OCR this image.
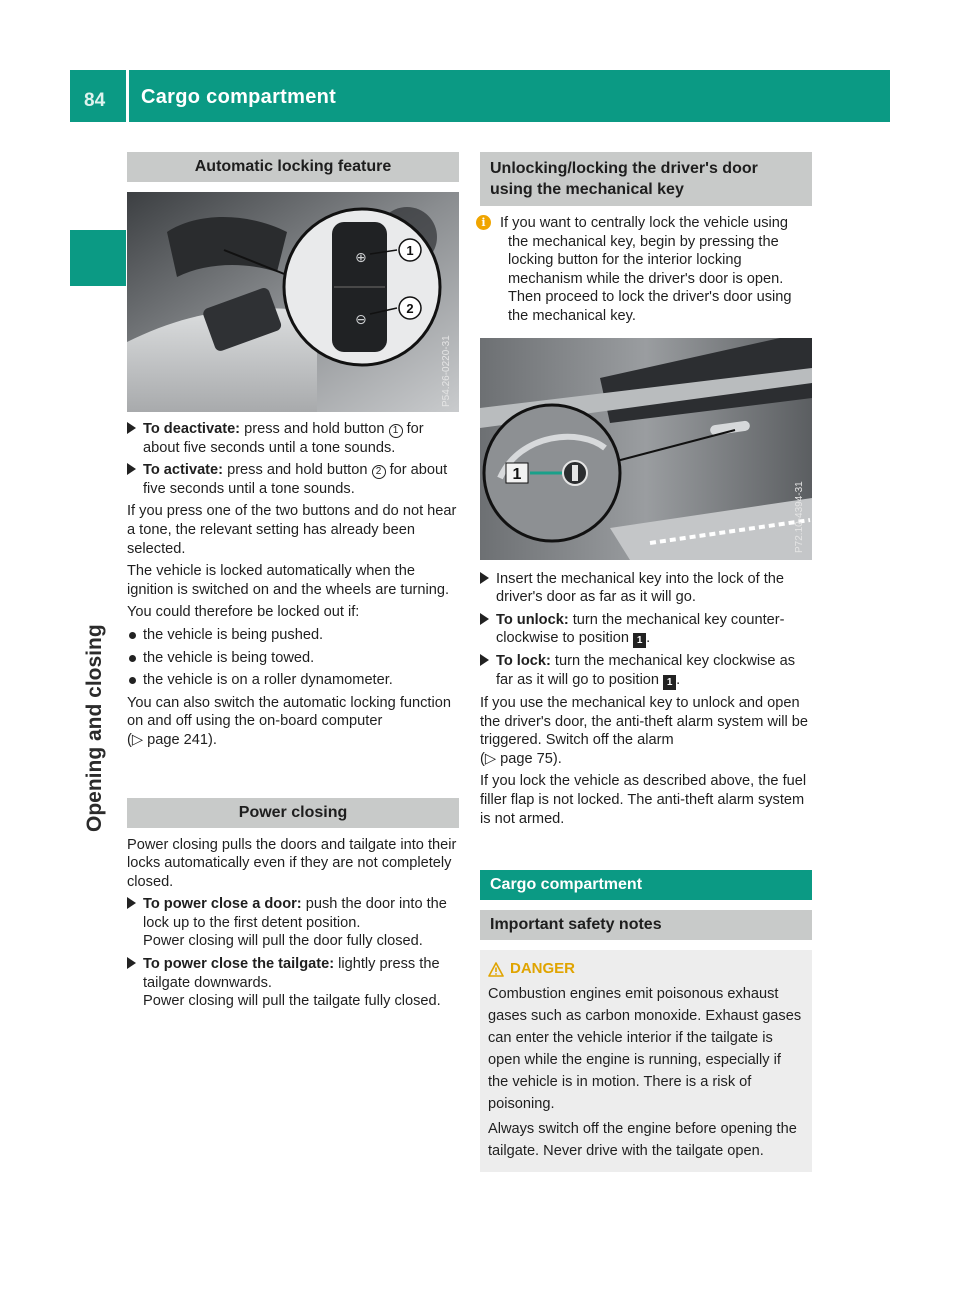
84	Cargo compartment
Opening and closing
Automatic locking feature
⊕
⊖
1
2
P54.26-0220-31
To deactivate: press and hold button 1 for about five seconds until a tone sounds.
To activate: press and hold button 2 for about five seconds until a tone sounds.

If you press one of the two buttons and do not hear a tone, the relevant setting has already been selected.

The vehicle is locked automatically when the ignition is switched on and the wheels are turning.

You could therefore be locked out if:

the vehicle is being pushed.
the vehicle is being towed.
the vehicle is on a roller dynamometer.

You can also switch the automatic locking function on and off using the on-board computer
(▷ page 241).

Power closing

Power closing pulls the doors and tailgate into their locks automatically even if they are not completely closed.

To power close a door: push the door into the lock up to the first detent position.
Power closing will pull the door fully closed.
To power close the tailgate: lightly press the tailgate downwards.
Power closing will pull the tailgate fully closed.
Unlocking/locking the driver's door using the mechanical key
i If you want to centrally lock the vehicle using the mechanical key, begin by pressing the locking button for the interior locking mechanism while the driver's door is open. Then proceed to lock the driver's door using the mechanical key.
1
P72.10-4394-31
Insert the mechanical key into the lock of the driver's door as far as it will go.
To unlock: turn the mechanical key counter-clockwise to position 1 .
To lock: turn the mechanical key clockwise as far as it will go to position 1 .

If you use the mechanical key to unlock and open the driver's door, the anti-theft alarm system will be triggered. Switch off the alarm
(▷ page 75).

If you lock the vehicle as described above, the fuel filler flap is not locked. The anti-theft alarm system is not armed.

Cargo compartment
Important safety notes
DANGER

Combustion engines emit poisonous exhaust gases such as carbon monoxide. Exhaust gases can enter the vehicle interior if the tailgate is open while the engine is running, especially if the vehicle is in motion. There is a risk of poisoning.

Always switch off the engine before opening the tailgate. Never drive with the tailgate open.
